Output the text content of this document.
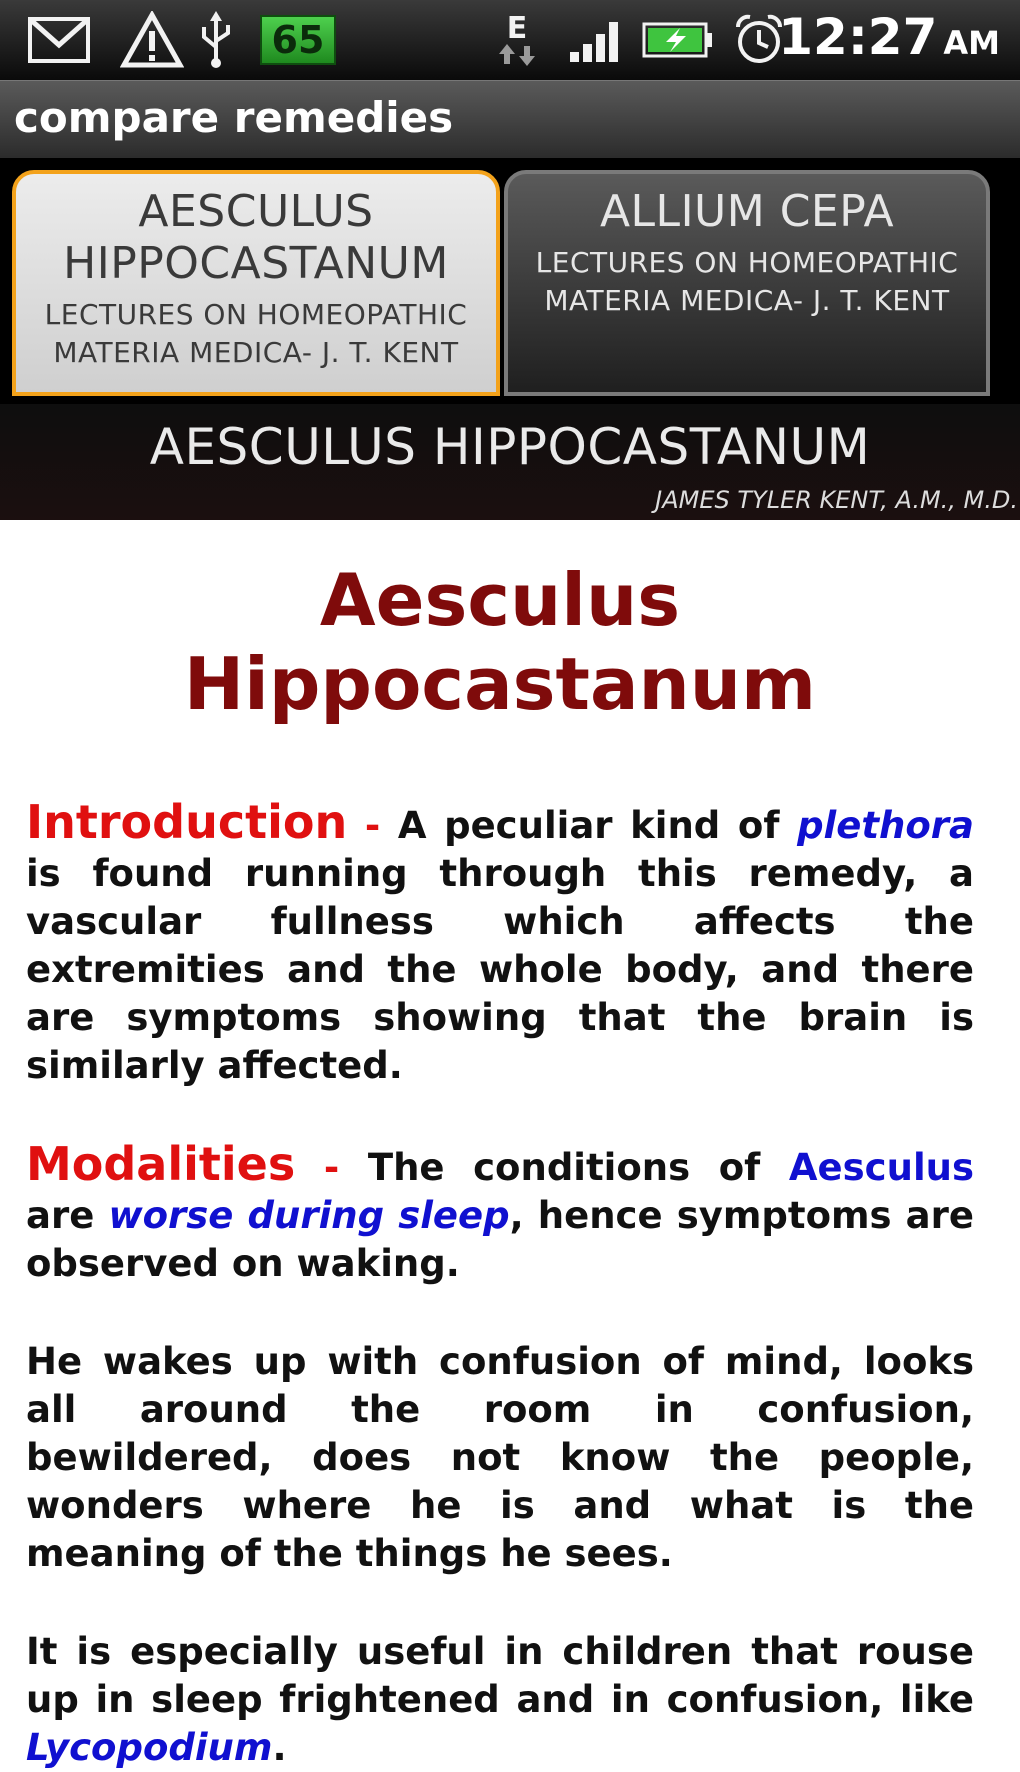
65	E	12:27 AM
compare remedies
AESCULUS
HIPPOCASTANUM
LECTURES ON HOMEOPATHIC
MATERIA MEDICA- J. T. KENT
ALLIUM CEPA
LECTURES ON HOMEOPATHIC
MATERIA MEDICA- J. T. KENT
AESCULUS HIPPOCASTANUM
JAMES TYLER KENT, A.M., M.D.
Aesculus Hippocastanum

Introduction - A peculiar kind of plethora is found running through this remedy, a vascular fullness which affects the extremities and the whole body, and there are symptoms showing that the brain is similarly affected.

Modalities - The conditions of Aesculus are worse during sleep, hence symptoms are observed on waking.

He wakes up with confusion of mind, looks all around the room in confusion, bewildered, does not know the people, wonders where he is and what is the meaning of the things he sees.

It is especially useful in children that rouse up in sleep frightened and in confusion, like Lycopodium.
